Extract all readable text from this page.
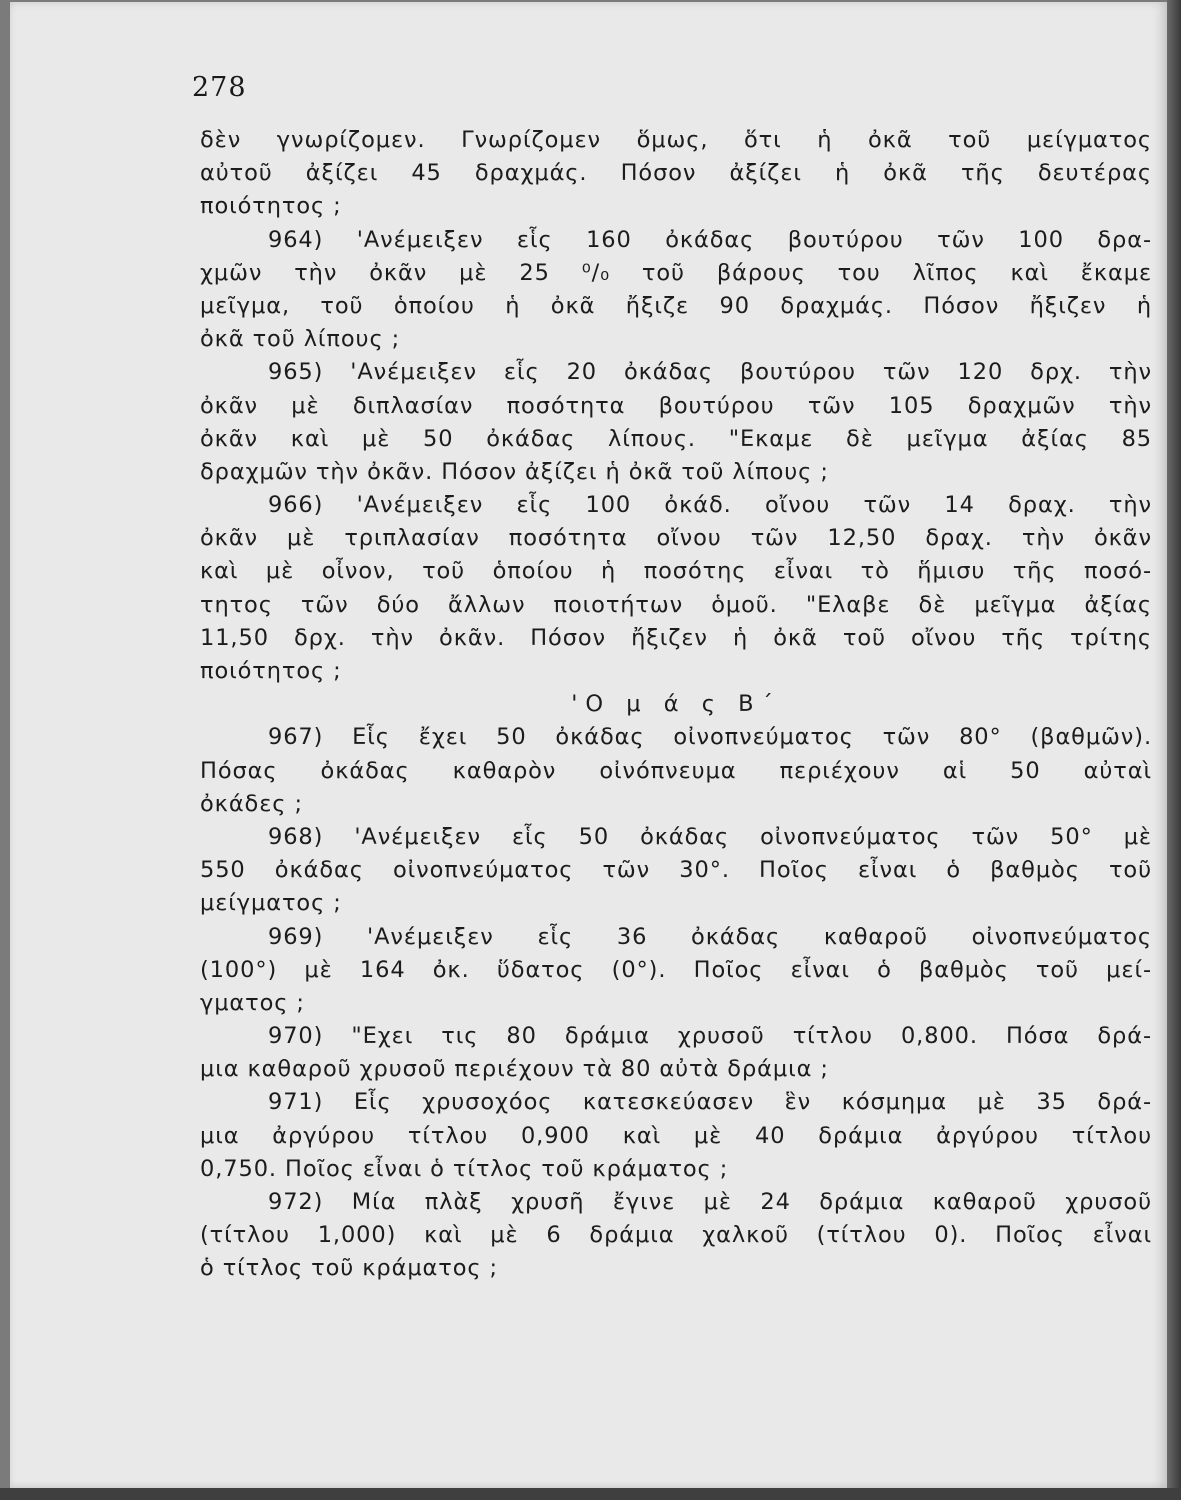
278
δὲν γνωρίζομεν. Γνωρίζομεν ὅμως, ὅτι ἡ ὀκᾶ τοῦ μείγματος
αὐτοῦ ἀξίζει 45 δραχμάς. Πόσον ἀξίζει ἡ ὀκᾶ τῆς δευτέρας
ποιότητος ;
964) 'Ανέμειξεν εἷς 160 ὀκάδας βουτύρου τῶν 100 δρα-
χμῶν τὴν ὀκᾶν μὲ 25 ⁰/₀ τοῦ βάρους του λῖπος καὶ ἔκαμε
μεῖγμα, τοῦ ὁποίου ἡ ὀκᾶ ἤξιζε 90 δραχμάς. Πόσον ἤξιζεν ἡ
ὀκᾶ τοῦ λίπους ;
965) 'Ανέμειξεν εἷς 20 ὀκάδας βουτύρου τῶν 120 δρχ. τὴν
ὀκᾶν μὲ διπλασίαν ποσότητα βουτύρου τῶν 105 δραχμῶν τὴν
ὀκᾶν καὶ μὲ 50 ὀκάδας λίπους. "Εκαμε δὲ μεῖγμα ἀξίας 85
δραχμῶν τὴν ὀκᾶν. Πόσον ἀξίζει ἡ ὀκᾶ τοῦ λίπους ;
966) 'Ανέμειξεν εἷς 100 ὀκάδ. οἴνου τῶν 14 δραχ. τὴν
ὀκᾶν μὲ τριπλασίαν ποσότητα οἴνου τῶν 12,50 δραχ. τὴν ὀκᾶν
καὶ μὲ οἶνον, τοῦ ὁποίου ἡ ποσότης εἶναι τὸ ἥμισυ τῆς ποσό-
τητος τῶν δύο ἄλλων ποιοτήτων ὁμοῦ. "Ελαβε δὲ μεῖγμα ἀξίας
11,50 δρχ. τὴν ὀκᾶν. Πόσον ἤξιζεν ἡ ὀκᾶ τοῦ οἴνου τῆς τρίτης
ποιότητος ;
'Ο μ ά ς Β΄
967) Εἷς ἔχει 50 ὀκάδας οἰνοπνεύματος τῶν 80° (βαθμῶν).
Πόσας ὀκάδας καθαρὸν οἰνόπνευμα περιέχουν αἱ 50 αὐταὶ
ὀκάδες ;
968) 'Ανέμειξεν εἷς 50 ὀκάδας οἰνοπνεύματος τῶν 50° μὲ
550 ὀκάδας οἰνοπνεύματος τῶν 30°. Ποῖος εἶναι ὁ βαθμὸς τοῦ
μείγματος ;
969) 'Ανέμειξεν εἷς 36 ὀκάδας καθαροῦ οἰνοπνεύματος
(100°) μὲ 164 ὀκ. ὕδατος (0°). Ποῖος εἶναι ὁ βαθμὸς τοῦ μεί-
γματος ;
970) "Εχει τις 80 δράμια χρυσοῦ τίτλου 0,800. Πόσα δρά-
μια καθαροῦ χρυσοῦ περιέχουν τὰ 80 αὐτὰ δράμια ;
971) Εἷς χρυσοχόος κατεσκεύασεν ἓν κόσμημα μὲ 35 δρά-
μια ἀργύρου τίτλου 0,900 καὶ μὲ 40 δράμια ἀργύρου τίτλου
0,750. Ποῖος εἶναι ὁ τίτλος τοῦ κράματος ;
972) Μία πλὰξ χρυσῆ ἔγινε μὲ 24 δράμια καθαροῦ χρυσοῦ
(τίτλου 1,000) καὶ μὲ 6 δράμια χαλκοῦ (τίτλου 0). Ποῖος εἶναι
ὁ τίτλος τοῦ κράματος ;
